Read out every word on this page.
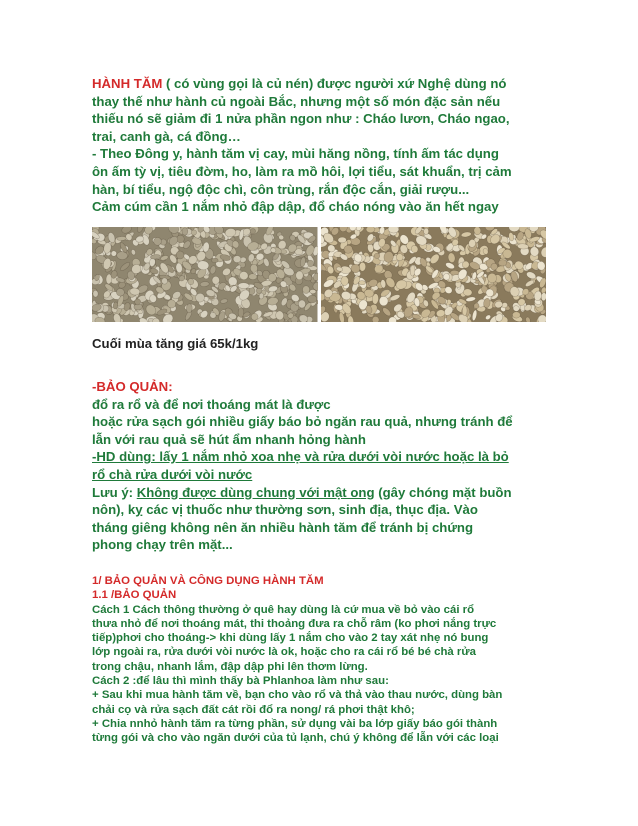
HÀNH TĂM ( có vùng gọi là củ nén) được người xứ Nghệ dùng nó
thay thế như hành củ ngoài Bắc, nhưng một số món đặc sản nếu
thiếu nó sẽ giảm đi 1 nửa phần ngon như : Cháo lươn, Cháo ngao,
trai, canh gà, cá đồng…
- Theo Đông y, hành tăm vị cay, mùi hăng nồng, tính ấm tác dụng
ôn ấm tỳ vị, tiêu đờm, ho, làm ra mồ hôi, lợi tiểu, sát khuẩn, trị cảm
hàn, bí tiểu, ngộ độc chì, côn trùng, rắn độc cắn, giải rượu...
Cảm cúm cần 1 nắm nhỏ đập dập, đổ cháo nóng vào ăn hết ngay
Cuối mùa tăng giá 65k/1kg
-BẢO QUẢN:
đổ ra rổ và để nơi thoáng mát là được
hoặc rửa sạch gói nhiều giấy báo bỏ ngăn rau quả, nhưng tránh để
lẫn với rau quả sẽ hút ẩm nhanh hỏng hành
-HD dùng: lấy 1 nắm nhỏ xoa nhẹ và rửa dưới vòi nước hoặc là bỏ
rổ chà rửa dưới vòi nước
Lưu ý: Không được dùng chung với mật ong (gây chóng mặt buồn
nôn), kỵ các vị thuốc như thường sơn, sinh địa, thục địa. Vào
tháng giêng không nên ăn nhiều hành tăm để tránh bị chứng
phong chạy trên mặt...
1/ BẢO QUẢN VÀ CÔNG DỤNG HÀNH TĂM
1.1 /BẢO QUẢN
Cách 1 Cách thông thường ở quê hay dùng là cứ mua về bỏ vào cái rổ
thưa nhỏ để nơi thoáng mát, thi thoảng đưa ra chỗ râm (ko phơi nắng trực
tiếp)phơi cho thoáng-> khi dùng lấy 1 nắm cho vào 2 tay xát nhẹ nó bung
lớp ngoài ra, rửa dưới vòi nước là ok, hoặc cho ra cái rổ bé bé chà rửa
trong chậu, nhanh lắm, đập dập phi lên thơm lừng.
Cách 2 :để lâu thì mình thấy bà Phlanhoa làm như sau:
+ Sau khi mua hành tăm về, bạn cho vào rổ và thả vào thau nước, dùng bàn
chải cọ và rửa sạch đất cát rồi đổ ra nong/ rá phơi thật khô;
+ Chia nnhỏ hành tăm ra từng phần, sử dụng vài ba lớp giấy báo gói thành
từng gói và cho vào ngăn dưới của tủ lạnh, chú ý không để lẫn với các loại
